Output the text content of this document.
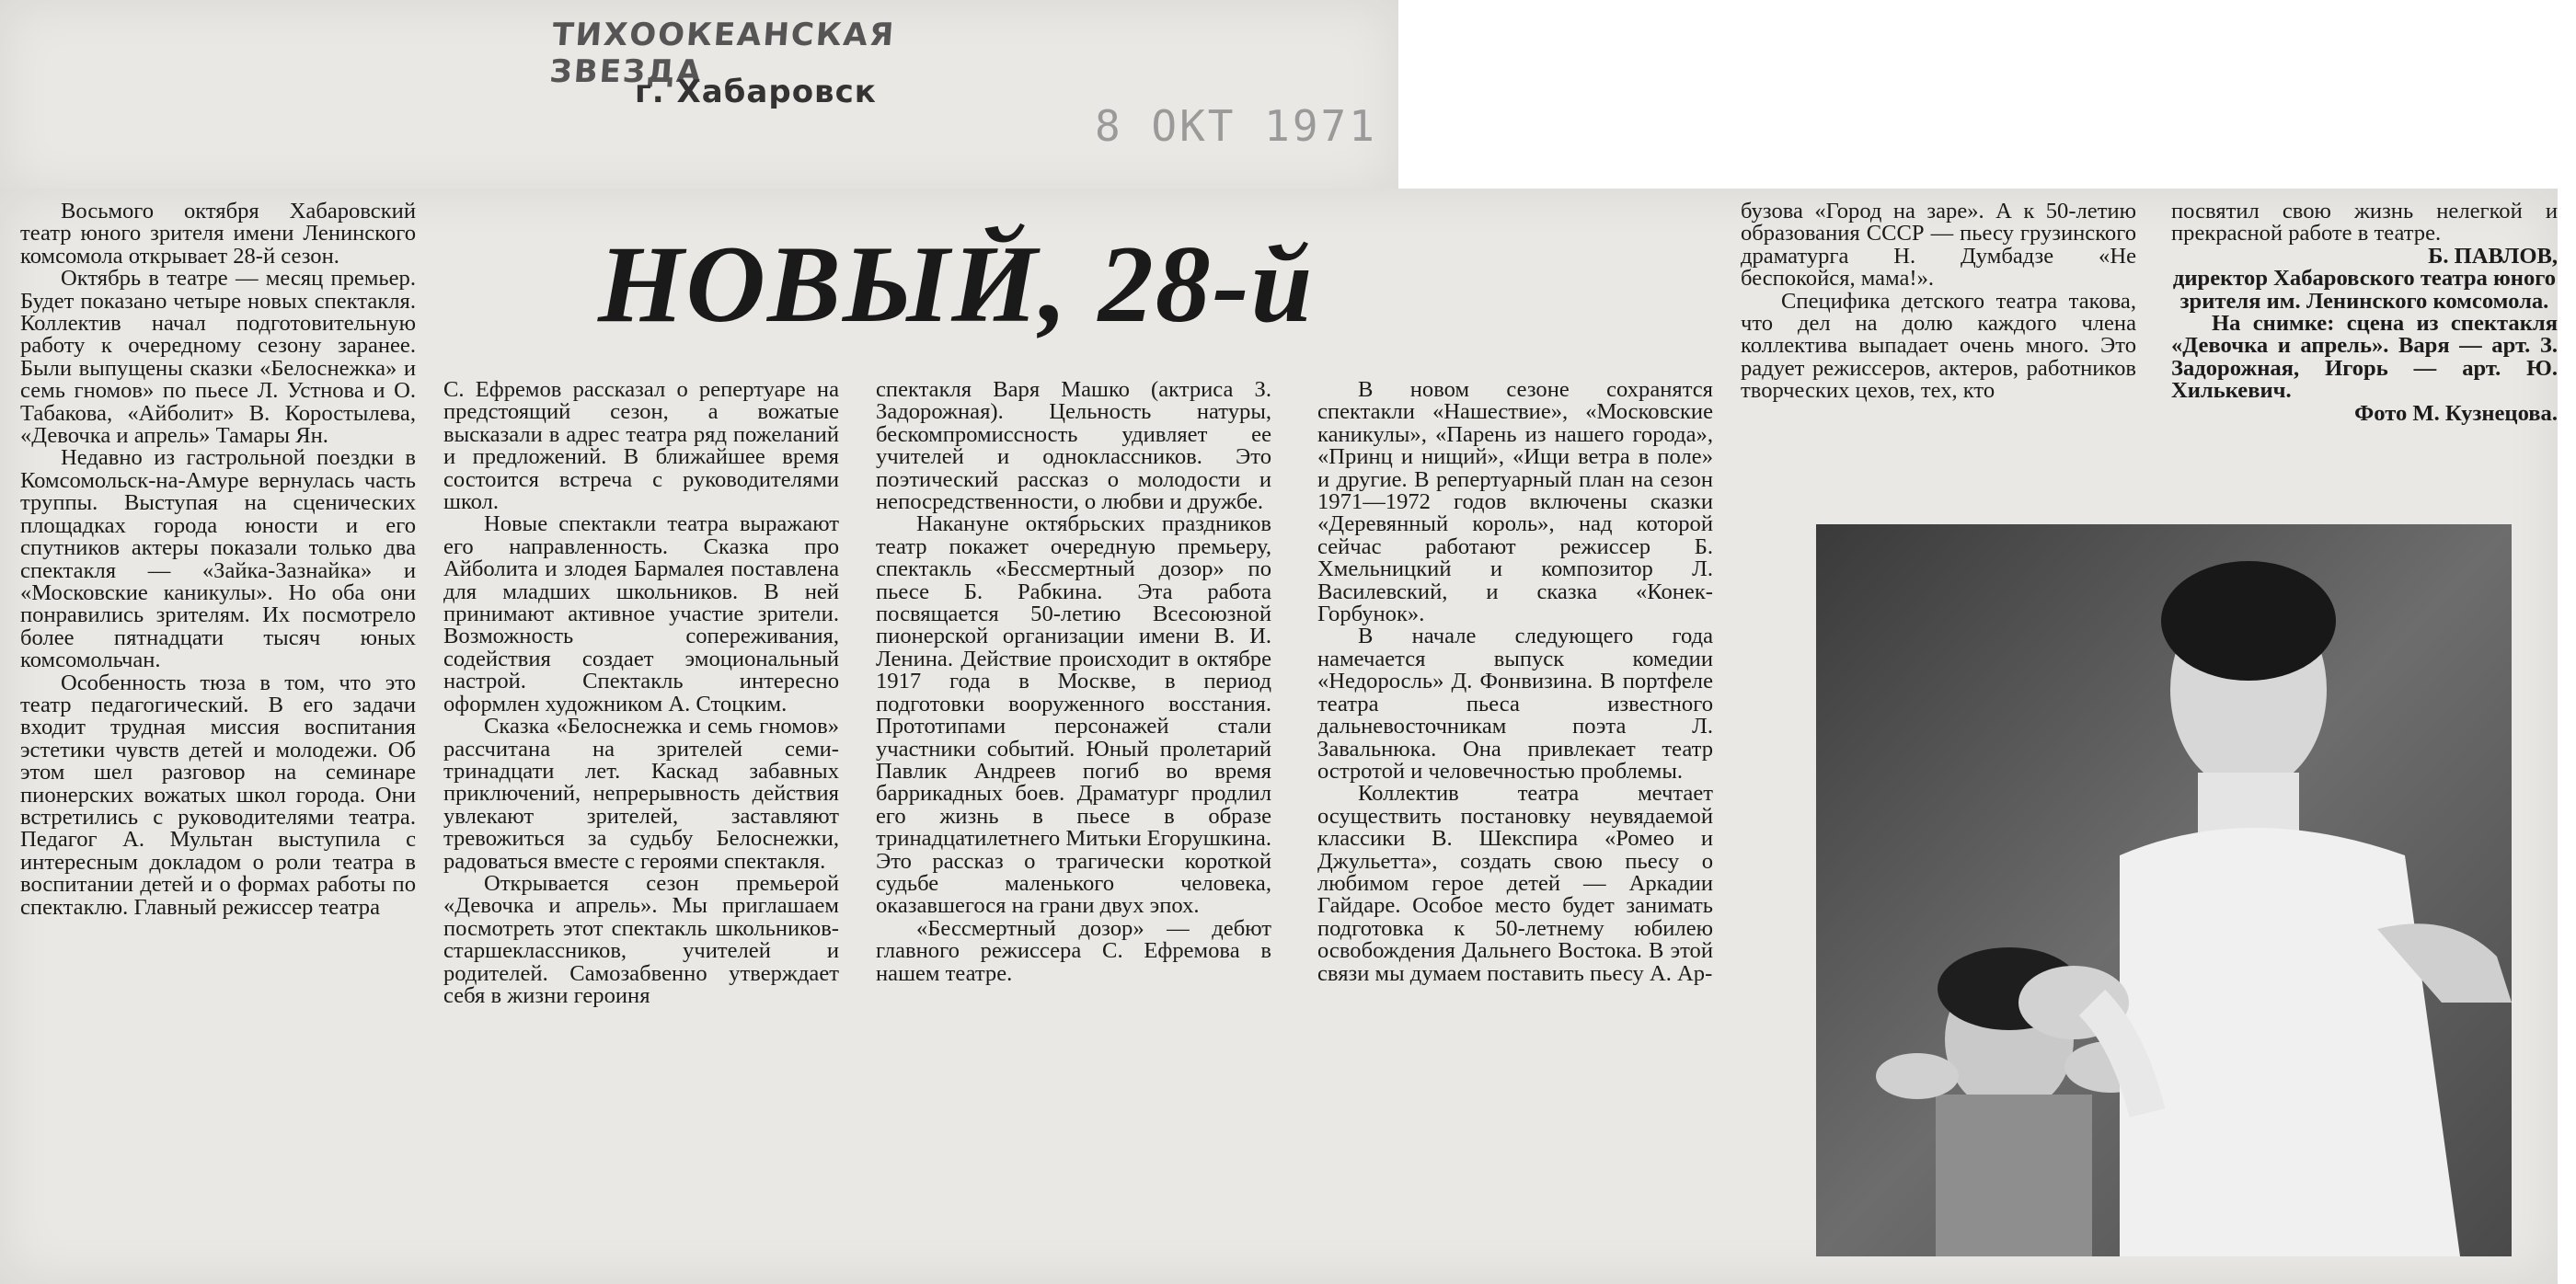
ТИХООКЕАНСКАЯ ЗВЕЗДА
г. Хабаровск
8 ОКТ 1971
НОВЫЙ, 28-й

Восьмого октября Хабаровский театр юного зрителя имени Ленинского комсомола открывает 28-й сезон.

Октябрь в театре — месяц премьер. Будет показано четыре новых спектакля. Коллектив начал подготовительную работу к очередному сезону заранее. Были выпущены сказки «Белоснежка» и семь гномов» по пьесе Л. Устнова и О. Табакова, «Айболит» В. Коростылева, «Девочка и апрель» Тамары Ян.

Недавно из гастрольной поездки в Комсомольск-на-Амуре вернулась часть труппы. Выступая на сценических площадках города юности и его спутников актеры показали только два спектакля — «Зайка-Зазнайка» и «Московские каникулы». Но оба они понравились зрителям. Их посмотрело более пятнадцати тысяч юных комсомольчан.

Особенность тюза в том, что это театр педагогический. В его задачи входит трудная миссия воспитания эстетики чувств детей и молодежи. Об этом шел разговор на семинаре пионерских вожатых школ города. Они встретились с руководителями театра. Педагог А. Мультан выступила с интересным докладом о роли театра в воспитании детей и о формах работы по спектаклю. Главный режиссер театра

С. Ефремов рассказал о репертуаре на предстоящий сезон, а вожатые высказали в адрес театра ряд пожеланий и предложений. В ближайшее время состоится встреча с руководителями школ.

Новые спектакли театра выражают его направленность. Сказка про Айболита и злодея Бармалея поставлена для младших школьников. В ней принимают активное участие зрители. Возможность сопереживания, содействия создает эмоциональный настрой. Спектакль интересно оформлен художником А. Стоцким.

Сказка «Белоснежка и семь гномов» рассчитана на зрителей семи-тринадцати лет. Каскад забавных приключений, непрерывность действия увлекают зрителей, заставляют тревожиться за судьбу Белоснежки, радоваться вместе с героями спектакля.

Открывается сезон премьерой «Девочка и апрель». Мы приглашаем посмотреть этот спектакль школьников-старшеклассников, учителей и родителей. Самозабвенно утверждает себя в жизни героиня

спектакля Варя Машко (актриса З. Задорожная). Цельность натуры, бескомпромиссность удивляет ее учителей и одноклассников. Это поэтический рассказ о молодости и непосредственности, о любви и дружбе.

Накануне октябрьских праздников театр покажет очередную премьеру, спектакль «Бессмертный дозор» по пьесе Б. Рабкина. Эта работа посвящается 50-летию Всесоюзной пионерской организации имени В. И. Ленина. Действие происходит в октябре 1917 года в Москве, в период подготовки вооруженного восстания. Прототипами персонажей стали участники событий. Юный пролетарий Павлик Андреев погиб во время баррикадных боев. Драматург продлил его жизнь в пьесе в образе тринадцатилетнего Митьки Егорушкина. Это рассказ о трагически короткой судьбе маленького человека, оказавшегося на грани двух эпох.

«Бессмертный дозор» — дебют главного режиссера С. Ефремова в нашем театре.

В новом сезоне сохранятся спектакли «Нашествие», «Московские каникулы», «Парень из нашего города», «Принц и нищий», «Ищи ветра в поле» и другие. В репертуарный план на сезон 1971—1972 годов включены сказки «Деревянный король», над которой сейчас работают режиссер Б. Хмельницкий и композитор Л. Василевский, и сказка «Конек-Горбунок».

В начале следующего года намечается выпуск комедии «Недоросль» Д. Фонвизина. В портфеле театра пьеса известного дальневосточникам поэта Л. Завальнюка. Она привлекает театр остротой и человечностью проблемы.

Коллектив театра мечтает осуществить постановку неувядаемой классики В. Шекспира «Ромео и Джульетта», создать свою пьесу о любимом герое детей — Аркадии Гайдаре. Особое место будет занимать подготовка к 50-летнему юбилею освобождения Дальнего Востока. В этой связи мы думаем поставить пьесу А. Ар-

бузова «Город на заре». А к 50-летию образования СССР — пьесу грузинского драматурга Н. Думбадзе «Не беспокойся, мама!».

Специфика детского театра такова, что дел на долю каждого члена коллектива выпадает очень много. Это радует режиссеров, актеров, работников творческих цехов, тех, кто

посвятил свою жизнь нелегкой и прекрасной работе в театре.

Б. ПАВЛОВ,

директор Хабаровского театра юного зрителя им. Ленинского комсомола.

На снимке: сцена из спектакля «Девочка и апрель». Варя — арт. З. Задорожная, Игорь — арт. Ю. Хилькевич.

Фото М. Кузнецова.
